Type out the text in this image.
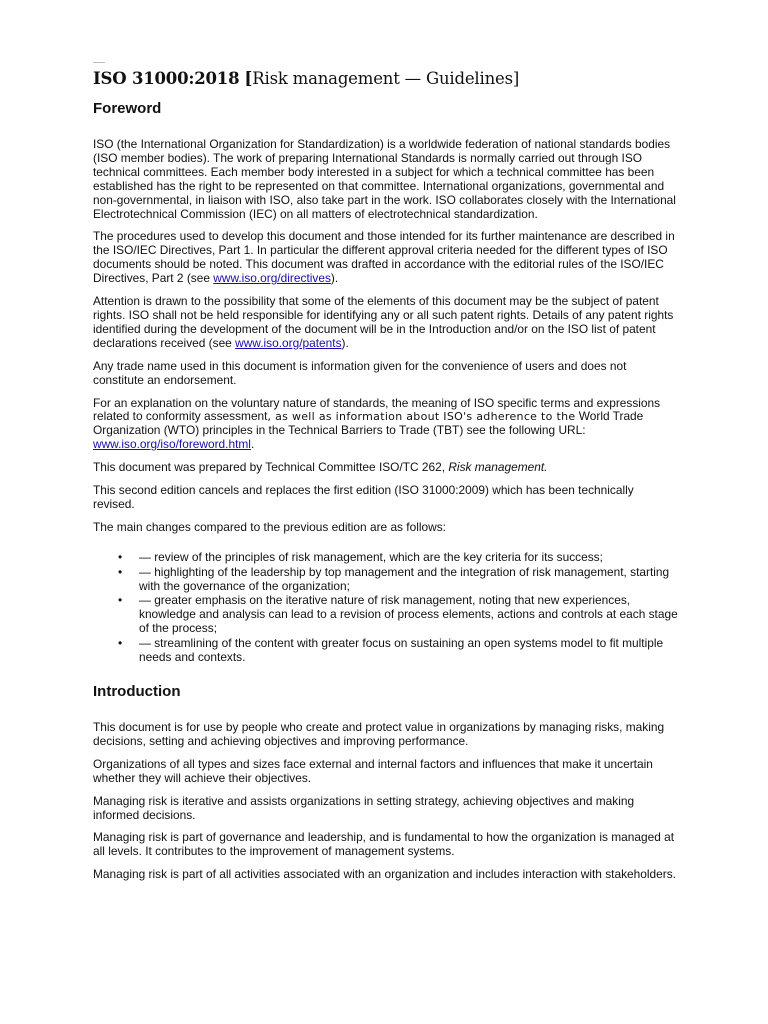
ISO 31000:2018 [Risk management — Guidelines]
Foreword

ISO (the International Organization for Standardization) is a worldwide federation of national standards bodies (ISO member bodies). The work of preparing International Standards is normally carried out through ISO technical committees. Each member body interested in a subject for which a technical committee has been established has the right to be represented on that committee. International organizations, governmental and non-governmental, in liaison with ISO, also take part in the work. ISO collaborates closely with the International Electrotechnical Commission (IEC) on all matters of electrotechnical standardization.

The procedures used to develop this document and those intended for its further maintenance are described in the ISO/IEC Directives, Part 1. In particular the different approval criteria needed for the different types of ISO documents should be noted. This document was drafted in accordance with the editorial rules of the ISO/IEC Directives, Part 2 (see www.iso.org/directives).

Attention is drawn to the possibility that some of the elements of this document may be the subject of patent rights. ISO shall not be held responsible for identifying any or all such patent rights. Details of any patent rights identified during the development of the document will be in the Introduction and/or on the ISO list of patent declarations received (see www.iso.org/patents).

Any trade name used in this document is information given for the convenience of users and does not constitute an endorsement.

For an explanation on the voluntary nature of standards, the meaning of ISO specific terms and expressions related to conformity assessment, as well as information about ISO's adherence to the World Trade Organization (WTO) principles in the Technical Barriers to Trade (TBT) see the following URL: www.iso.org/iso/foreword.html.

This document was prepared by Technical Committee ISO/TC 262, Risk management.

This second edition cancels and replaces the first edition (ISO 31000:2009) which has been technically revised.

The main changes compared to the previous edition are as follows:

• — review of the principles of risk management, which are the key criteria for its success;
• — highlighting of the leadership by top management and the integration of risk management, starting with the governance of the organization;
• — greater emphasis on the iterative nature of risk management, noting that new experiences, knowledge and analysis can lead to a revision of process elements, actions and controls at each stage of the process;
• — streamlining of the content with greater focus on sustaining an open systems model to fit multiple needs and contexts.
Introduction

This document is for use by people who create and protect value in organizations by managing risks, making decisions, setting and achieving objectives and improving performance.

Organizations of all types and sizes face external and internal factors and influences that make it uncertain whether they will achieve their objectives.

Managing risk is iterative and assists organizations in setting strategy, achieving objectives and making informed decisions.

Managing risk is part of governance and leadership, and is fundamental to how the organization is managed at all levels. It contributes to the improvement of management systems.

Managing risk is part of all activities associated with an organization and includes interaction with stakeholders.
